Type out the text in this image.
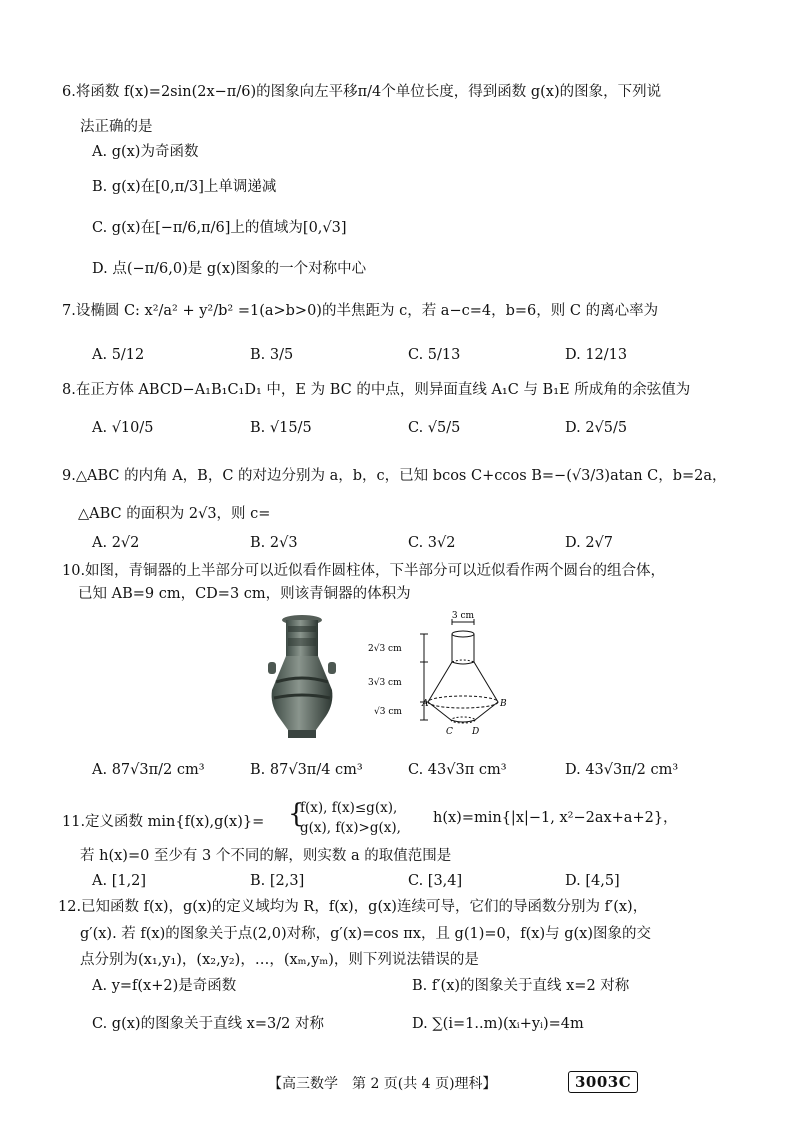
6.将函数 f(x)=2sin(2x−π/6)的图象向左平移π/4个单位长度，得到函数 g(x)的图象，下列说
法正确的是
A. g(x)为奇函数
B. g(x)在[0,π/3]上单调递减
C. g(x)在[−π/6,π/6]上的值域为[0,√3]
D. 点(−π/6,0)是 g(x)图象的一个对称中心
7.设椭圆 C: x²/a² + y²/b² =1(a>b>0)的半焦距为 c，若 a−c=4，b=6，则 C 的离心率为
A. 5/12	B. 3/5	C. 5/13	D. 12/13
8.在正方体 ABCD−A₁B₁C₁D₁ 中，E 为 BC 的中点，则异面直线 A₁C 与 B₁E 所成角的余弦值为
A. √10/5	B. √15/5	C. √5/5	D. 2√5/5
9.△ABC 的内角 A，B，C 的对边分别为 a，b，c，已知 bcos C+ccos B=−(√3/3)atan C，b=2a，
△ABC 的面积为 2√3，则 c=
A. 2√2	B. 2√3	C. 3√2	D. 2√7
10.如图，青铜器的上半部分可以近似看作圆柱体，下半部分可以近似看作两个圆台的组合体，
已知 AB=9 cm，CD=3 cm，则该青铜器的体积为
3 cm
2√3 cm
3√3 cm
√3 cm
A	B
C D
A. 87√3π/2 cm³	B. 87√3π/4 cm³	C. 43√3π cm³	D. 43√3π/2 cm³
11.定义函数 min{f(x),g(x)}= {
f(x), f(x)≤g(x),
g(x), f(x)>g(x),
h(x)=min{|x|−1, x²−2ax+a+2}，
若 h(x)=0 至少有 3 个不同的解，则实数 a 的取值范围是
A. [1,2]	B. [2,3]	C. [3,4]	D. [4,5]
12.已知函数 f(x)，g(x)的定义域均为 R，f(x)，g(x)连续可导，它们的导函数分别为 f′(x)，
g′(x). 若 f(x)的图象关于点(2,0)对称，g′(x)=cos πx，且 g(1)=0，f(x)与 g(x)图象的交
点分别为(x₁,y₁)，(x₂,y₂)，…，(xₘ,yₘ)，则下列说法错误的是
A. y=f(x+2)是奇函数	B. f′(x)的图象关于直线 x=2 对称
C. g(x)的图象关于直线 x=3/2 对称	D. ∑(i=1..m)(xᵢ+yᵢ)=4m
【高三数学　第 2 页(共 4 页)理科】	3003C
